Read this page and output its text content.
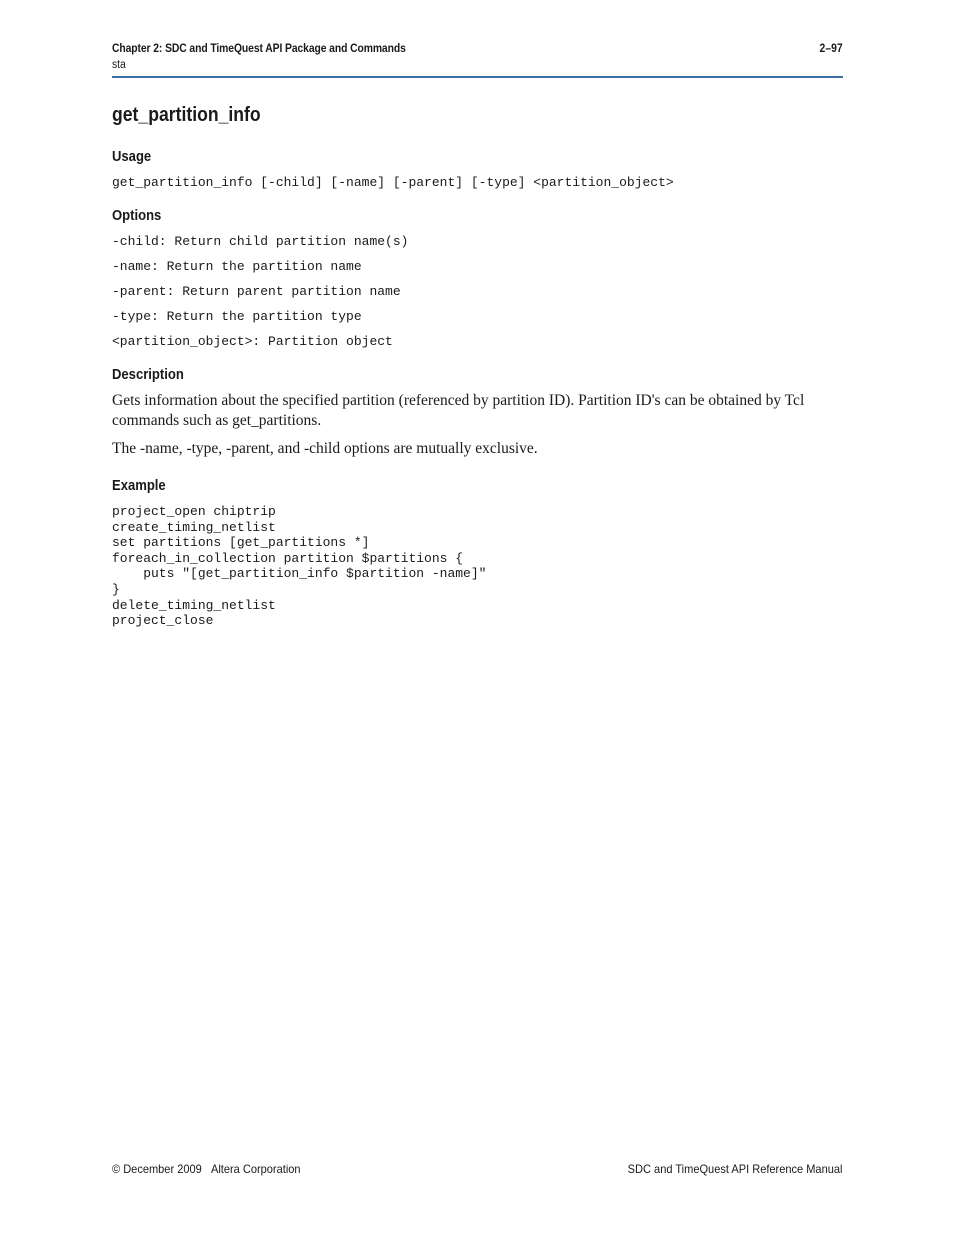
Chapter 2: SDC and TimeQuest API Package and Commands
sta
2–97
get_partition_info
Usage
get_partition_info [-child] [-name] [-parent] [-type] <partition_object>
Options
-child: Return child partition name(s)
-name: Return the partition name
-parent: Return parent partition name
-type: Return the partition type
<partition_object>: Partition object
Description

Gets information about the specified partition (referenced by partition ID). Partition ID's can be obtained by Tcl commands such as get_partitions.

The -name, -type, -parent, and -child options are mutually exclusive.

Example
project_open chiptrip
create_timing_netlist
set partitions [get_partitions *]
foreach_in_collection partition $partitions {
puts "[get_partition_info $partition -name]"
}
delete_timing_netlist
project_close
© December 2009 Altera Corporation	SDC and TimeQuest API Reference Manual
